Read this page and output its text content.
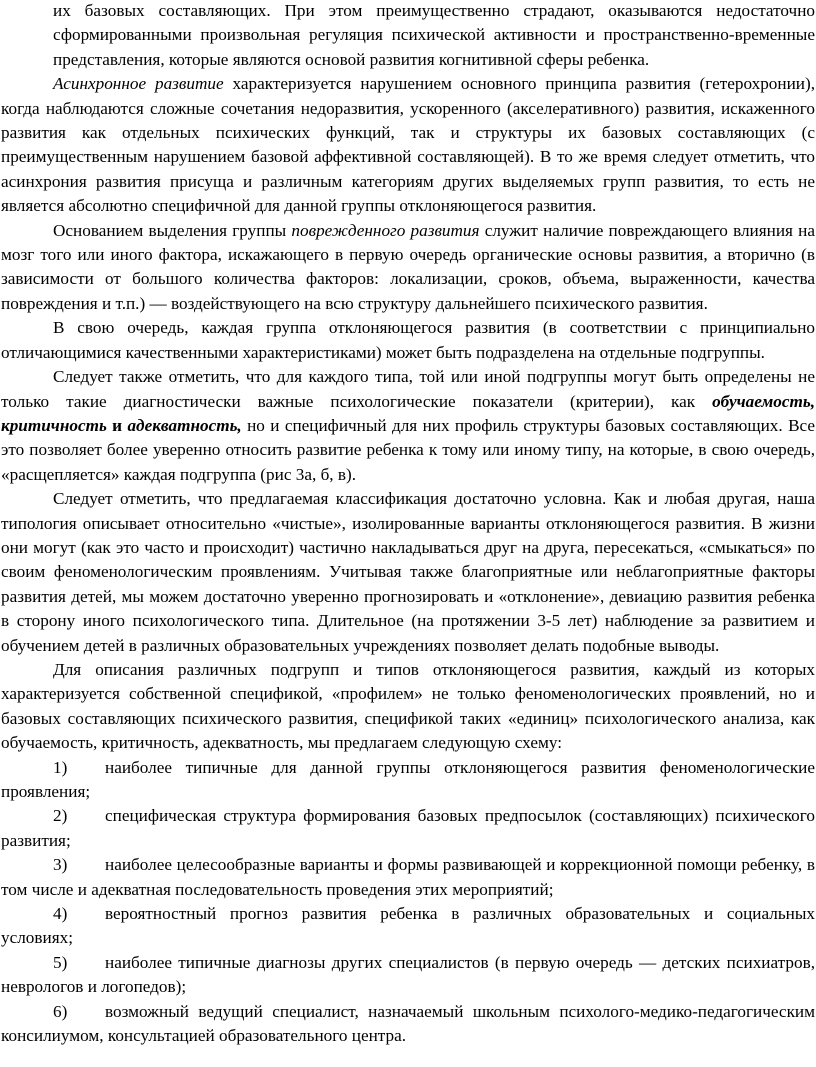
их базовых составляющих. При этом преимущественно страдают, оказываются недостаточно сформированными произвольная регуляция психической активности и пространственно-временные представления, которые являются основой развития когнитивной сферы ребенка.

Асинхронное развитие характеризуется нарушением основного принципа развития (гетерохронии), когда наблюдаются сложные сочетания недоразвития, ускоренного (акселеративного) развития, искаженного развития как отдельных психических функций, так и структуры их базовых составляющих (с преимущественным нарушением базовой аффективной составляющей). В то же время следует отметить, что асинхрония развития присуща и различным категориям других выделяемых групп развития, то есть не является абсолютно специфичной для данной группы отклоняющегося развития.

Основанием выделения группы поврежденного развития служит наличие повреждающего влияния на мозг того или иного фактора, искажающего в первую очередь органические основы развития, а вторично (в зависимости от большого количества факторов: локализации, сроков, объема, выраженности, качества повреждения и т.п.) — воздействующего на всю структуру дальнейшего психического развития.

В свою очередь, каждая группа отклоняющегося развития (в соответствии с принципиально отличающимися качественными характеристиками) может быть подразделена на отдельные подгруппы.

Следует также отметить, что для каждого типа, той или иной подгруппы могут быть определены не только такие диагностически важные психологические показатели (критерии), как обучаемость, критичность и адекватность, но и специфичный для них профиль структуры базовых составляющих. Все это позволяет более уверенно относить развитие ребенка к тому или иному типу, на которые, в свою очередь, «расщепляется» каждая подгруппа (рис 3а, б, в).

Следует отметить, что предлагаемая классификация достаточно условна. Как и любая другая, наша типология описывает относительно «чистые», изолированные варианты отклоняющегося развития. В жизни они могут (как это часто и происходит) частично накладываться друг на друга, пересекаться, «смыкаться» по своим феноменологическим проявлениям. Учитывая также благоприятные или неблагоприятные факторы развития детей, мы можем достаточно уверенно прогнозировать и «отклонение», девиацию развития ребенка в сторону иного психологического типа. Длительное (на протяжении 3-5 лет) наблюдение за развитием и обучением детей в различных образовательных учреждениях позволяет делать подобные выводы.

Для описания различных подгрупп и типов отклоняющегося развития, каждый из которых характеризуется собственной спецификой, «профилем» не только феноменологических проявлений, но и базовых составляющих психического развития, спецификой таких «единиц» психологического анализа, как обучаемость, критичность, адекватность, мы предлагаем следующую схему:

1) наиболее типичные для данной группы отклоняющегося развития феноменологические проявления;

2) специфическая структура формирования базовых предпосылок (составляющих) психического развития;

3) наиболее целесообразные варианты и формы развивающей и коррекционной помощи ребенку, в том числе и адекватная последовательность проведения этих мероприятий;

4) вероятностный прогноз развития ребенка в различных образовательных и социальных условиях;

5) наиболее типичные диагнозы других специалистов (в первую очередь — детских психиатров, неврологов и логопедов);

6) возможный ведущий специалист, назначаемый школьным психолого-медико-педагогическим консилиумом, консультацией образовательного центра.
